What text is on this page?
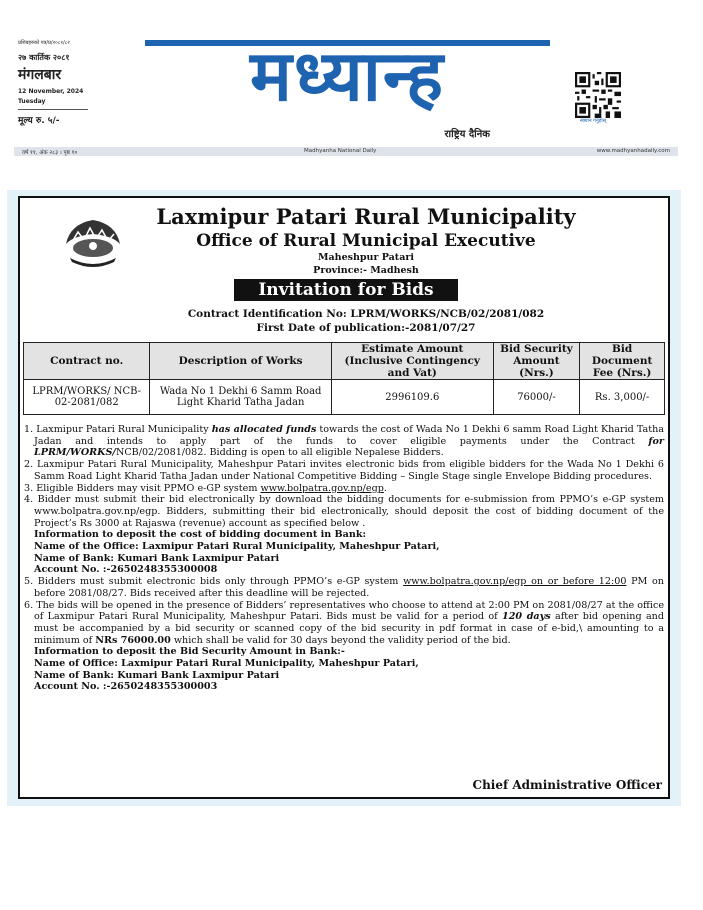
प्रशिबहरुको पत्र/प्र/२०८१/८२
२७ कार्तिक २०८१
मंगलबार
12 November, 2024
Tuesday
मूल्य रु. ५/-
मध्यान्ह
राष्ट्रिय दैनिक
स्क्यान गर्नुहोस्
वर्ष ११, अंक २८३ । पृष्ठ १०	Madhyanha National Daily	www.madhyanhadaily.com
Laxmipur Patari Rural Municipality
Office of Rural Municipal Executive
Maheshpur Patari
Province:- Madhesh
Invitation for Bids
Contract Identification No: LPRM/WORKS/NCB/02/2081/082
First Date of publication:-2081/07/27
Contract no.	Description of Works	Estimate Amount (Inclusive Contingency and Vat)	Bid Security Amount (Nrs.)	Bid Document Fee (Nrs.)
LPRM/WORKS/ NCB-02-2081/082	Wada No 1 Dekhi 6 Samm Road Light Kharid Tatha Jadan	2996109.6	76000/-	Rs. 3,000/-

1. Laxmipur Patari Rural Municipality has allocated funds towards the cost of Wada No 1 Dekhi 6 samm Road Light Kharid Tatha Jadan and intends to apply part of the funds to cover eligible payments under the Contract for LPRM/WORKS/NCB/02/2081/082. Bidding is open to all eligible Nepalese Bidders.

2. Laxmipur Patari Rural Municipality, Maheshpur Patari invites electronic bids from eligible bidders for the Wada No 1 Dekhi 6 Samm Road Light Kharid Tatha Jadan under National Competitive Bidding – Single Stage single Envelope Bidding procedures.

3. Eligible Bidders may visit PPMO e-GP system www.bolpatra.gov.np/egp.

4. Bidder must submit their bid electronically by download the bidding documents for e-submission from PPMO’s e-GP system www.bolpatra.gov.np/egp. Bidders, submitting their bid electronically, should deposit the cost of bidding document of the Project’s Rs 3000 at Rajaswa (revenue) account as specified below .

Information to deposit the cost of bidding document in Bank:

Name of the Office: Laxmipur Patari Rural Municipality, Maheshpur Patari,

Name of Bank: Kumari Bank Laxmipur Patari

Account No. :-2650248355300008

5. Bidders must submit electronic bids only through PPMO’s e-GP system www.bolpatra.gov.np/egp on or before 12:00 PM on before 2081/08/27. Bids received after this deadline will be rejected.

6. The bids will be opened in the presence of Bidders’ representatives who choose to attend at 2:00 PM on 2081/08/27 at the office of Laxmipur Patari Rural Municipality, Maheshpur Patari. Bids must be valid for a period of 120 days after bid opening and must be accompanied by a bid security or scanned copy of the bid security in pdf format in case of e-bid,\ amounting to a minimum of NRs 76000.00 which shall be valid for 30 days beyond the validity period of the bid.

Information to deposit the Bid Security Amount in Bank:-

Name of Office: Laxmipur Patari Rural Municipality, Maheshpur Patari,

Name of Bank: Kumari Bank Laxmipur Patari

Account No. :-2650248355300003

Chief Administrative Officer
